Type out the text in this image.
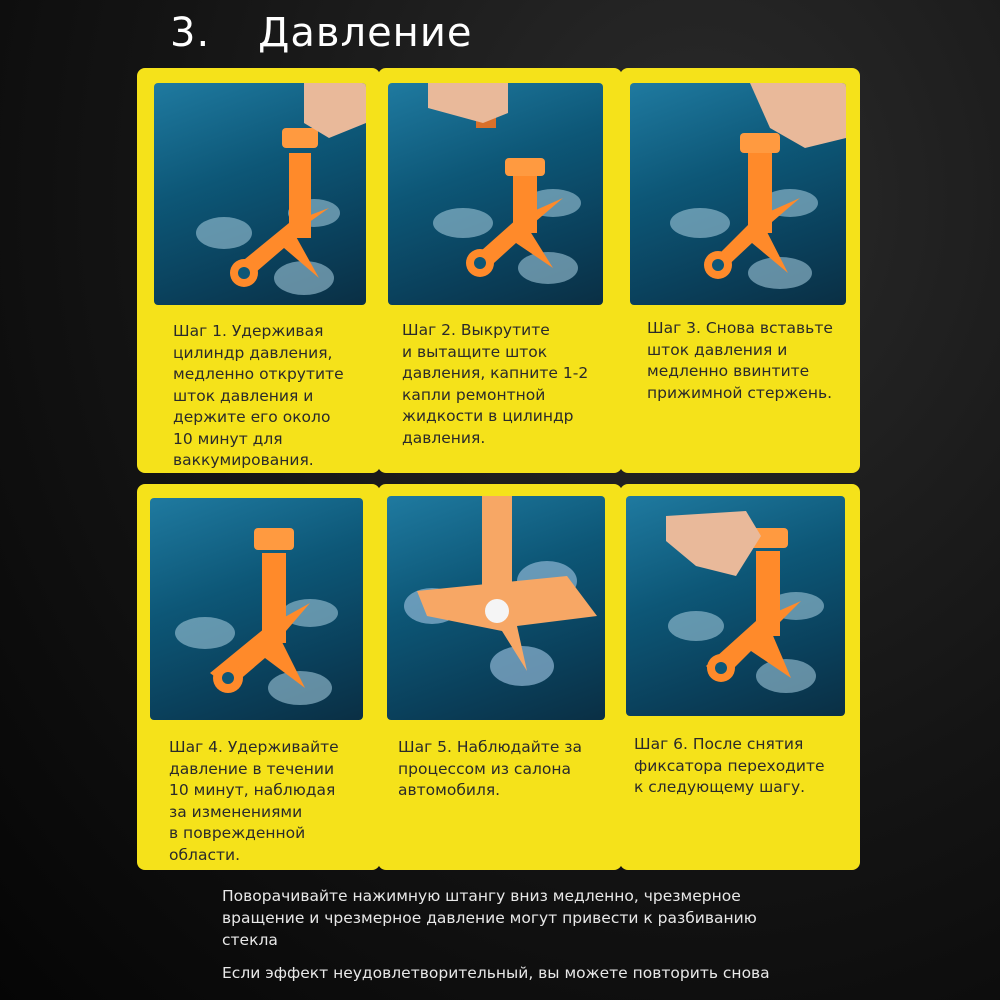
3. Давление
Шаг 1. Удерживая
цилиндр давления,
медленно открутите
шток давления и
держите его около
10 минут для
ваккумирования.
Шаг 2. Выкрутите
и вытащите шток
давления, капните 1-2
капли ремонтной
жидкости в цилиндр
давления.
Шаг 3. Снова вставьте
шток давления и
медленно ввинтите
прижимной стержень.
Шаг 4. Удерживайте
давление в течении
10 минут, наблюдая
за изменениями
в поврежденной
области.
Шаг 5. Наблюдайте за
процессом из салона
автомобиля.
Шаг 6. После снятия
фиксатора переходите
к следующему шагу.
Поворачивайте нажимную штангу вниз медленно, чрезмерное
вращение и чрезмерное давление могут привести к разбиванию
стекла
Если эффект неудовлетворительный, вы можете повторить снова
